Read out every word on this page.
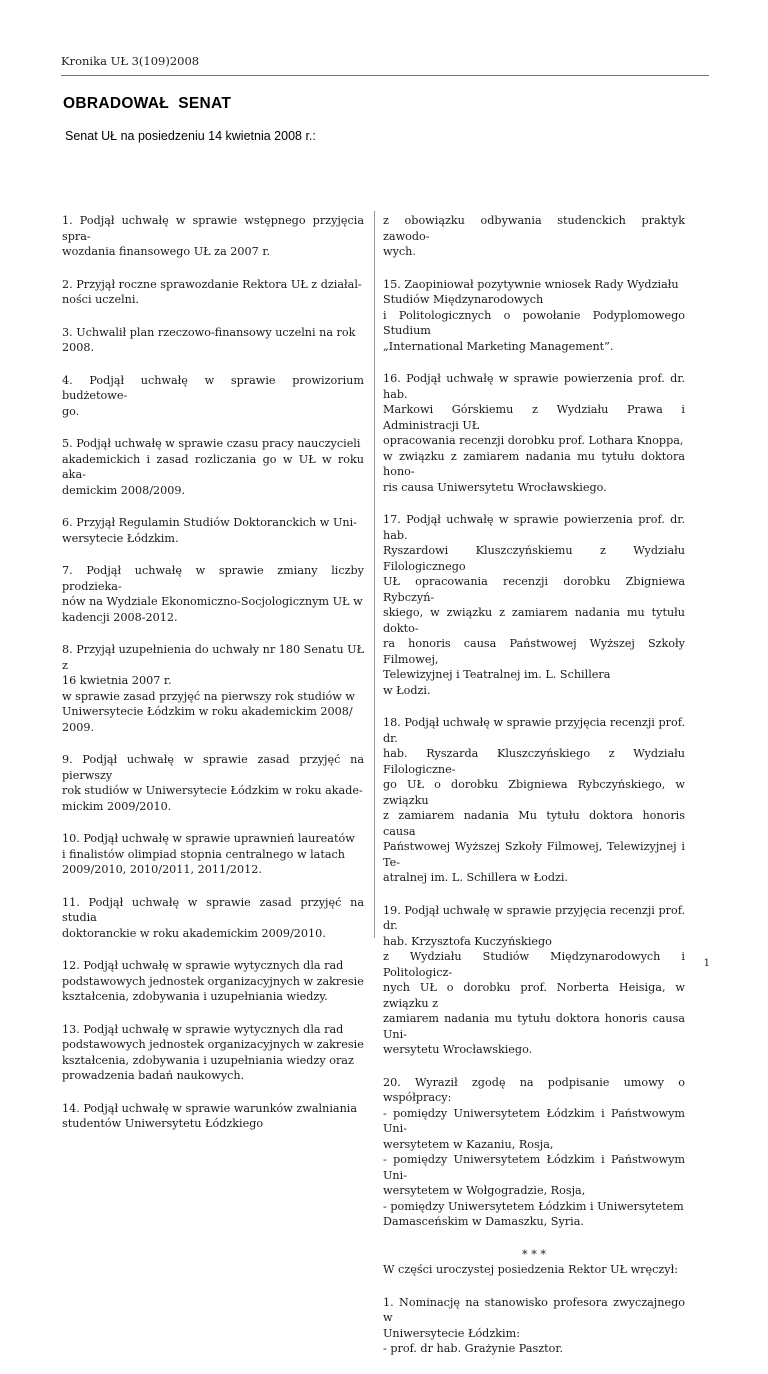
Kronika UŁ 3(109)2008
OBRADOWAŁ  SENAT
Senat UŁ na posiedzeniu 14 kwietnia 2008 r.:
1. Podjął uchwałę w sprawie wstępnego przyjęcia spra-
wozdania finansowego UŁ za 2007 r.
2. Przyjął roczne sprawozdanie Rektora UŁ z działal-
ności uczelni.
3. Uchwalił plan rzeczowo-finansowy uczelni na rok
2008.
4. Podjął uchwałę w sprawie prowizorium budżetowe-
go.
5. Podjął uchwałę w sprawie czasu pracy nauczycieli
akademickich i zasad rozliczania go w UŁ w roku aka-
demickim 2008/2009.
6. Przyjął Regulamin Studiów Doktoranckich w Uni-
wersytecie Łódzkim.
7. Podjął uchwałę w sprawie zmiany liczby prodzieka-
nów na Wydziale Ekonomiczno-Socjologicznym UŁ w
kadencji 2008-2012.
8. Przyjął uzupełnienia do uchwały nr 180 Senatu UŁ z
16 kwietnia 2007 r.
w sprawie zasad przyjęć na pierwszy rok studiów w
Uniwersytecie Łódzkim w roku akademickim 2008/
2009.
9. Podjął uchwałę w sprawie zasad przyjęć na pierwszy
rok studiów w Uniwersytecie Łódzkim w roku akade-
mickim 2009/2010.
10. Podjął uchwałę w sprawie uprawnień laureatów
i finalistów olimpiad stopnia centralnego w latach
2009/2010, 2010/2011, 2011/2012.
11. Podjął uchwałę w sprawie zasad przyjęć na studia
doktoranckie w roku akademickim 2009/2010.
12. Podjął uchwałę w sprawie wytycznych dla rad
podstawowych jednostek organizacyjnych w zakresie
kształcenia, zdobywania i uzupełniania wiedzy.
13. Podjął uchwałę w sprawie wytycznych dla rad
podstawowych jednostek organizacyjnych w zakresie
kształcenia, zdobywania i uzupełniania wiedzy oraz
prowadzenia badań naukowych.
14. Podjął uchwałę w sprawie warunków zwalniania
studentów Uniwersytetu Łódzkiego
z obowiązku odbywania studenckich praktyk zawodo-
wych.
15. Zaopiniował pozytywnie wniosek Rady Wydziału
Studiów Międzynarodowych
i Politologicznych o powołanie Podyplomowego Studium
„International Marketing Management”.
16. Podjął uchwałę w sprawie powierzenia prof. dr. hab.
Markowi Górskiemu z Wydziału Prawa i Administracji UŁ
opracowania recenzji dorobku prof. Lothara Knoppa,
w związku z zamiarem nadania mu tytułu doktora hono-
ris causa Uniwersytetu Wrocławskiego.
17. Podjął uchwałę w sprawie powierzenia prof. dr. hab.
Ryszardowi Kluszczyńskiemu z Wydziału Filologicznego
UŁ opracowania recenzji dorobku Zbigniewa Rybczyń-
skiego, w związku z zamiarem nadania mu tytułu dokto-
ra honoris causa Państwowej Wyższej Szkoły Filmowej,
Telewizyjnej i Teatralnej im. L. Schillera
w Łodzi.
18. Podjął uchwałę w sprawie przyjęcia recenzji prof. dr.
hab. Ryszarda Kluszczyńskiego z Wydziału Filologiczne-
go UŁ o dorobku Zbigniewa Rybczyńskiego, w związku
z zamiarem nadania Mu tytułu doktora honoris causa
Państwowej Wyższej Szkoły Filmowej, Telewizyjnej i Te-
atralnej im. L. Schillera w Łodzi.
19. Podjął uchwałę w sprawie przyjęcia recenzji prof. dr.
hab. Krzysztofa Kuczyńskiego
z Wydziału Studiów Międzynarodowych i Politologicz-
nych UŁ o dorobku prof. Norberta Heisiga, w związku z
zamiarem nadania mu tytułu doktora honoris causa Uni-
wersytetu Wrocławskiego.
20. Wyraził zgodę na podpisanie umowy o współpracy:
- pomiędzy Uniwersytetem Łódzkim i Państwowym Uni-
wersytetem w Kazaniu, Rosja,
- pomiędzy Uniwersytetem Łódzkim i Państwowym Uni-
wersytetem w Wołgogradzie, Rosja,
- pomiędzy Uniwersytetem Łódzkim i Uniwersytetem
Damasceńskim w Damaszku, Syria.
* * *
W części uroczystej posiedzenia Rektor UŁ wręczył:
1. Nominację na stanowisko profesora zwyczajnego w
Uniwersytecie Łódzkim:
- prof. dr hab. Grażynie Pasztor.
1
